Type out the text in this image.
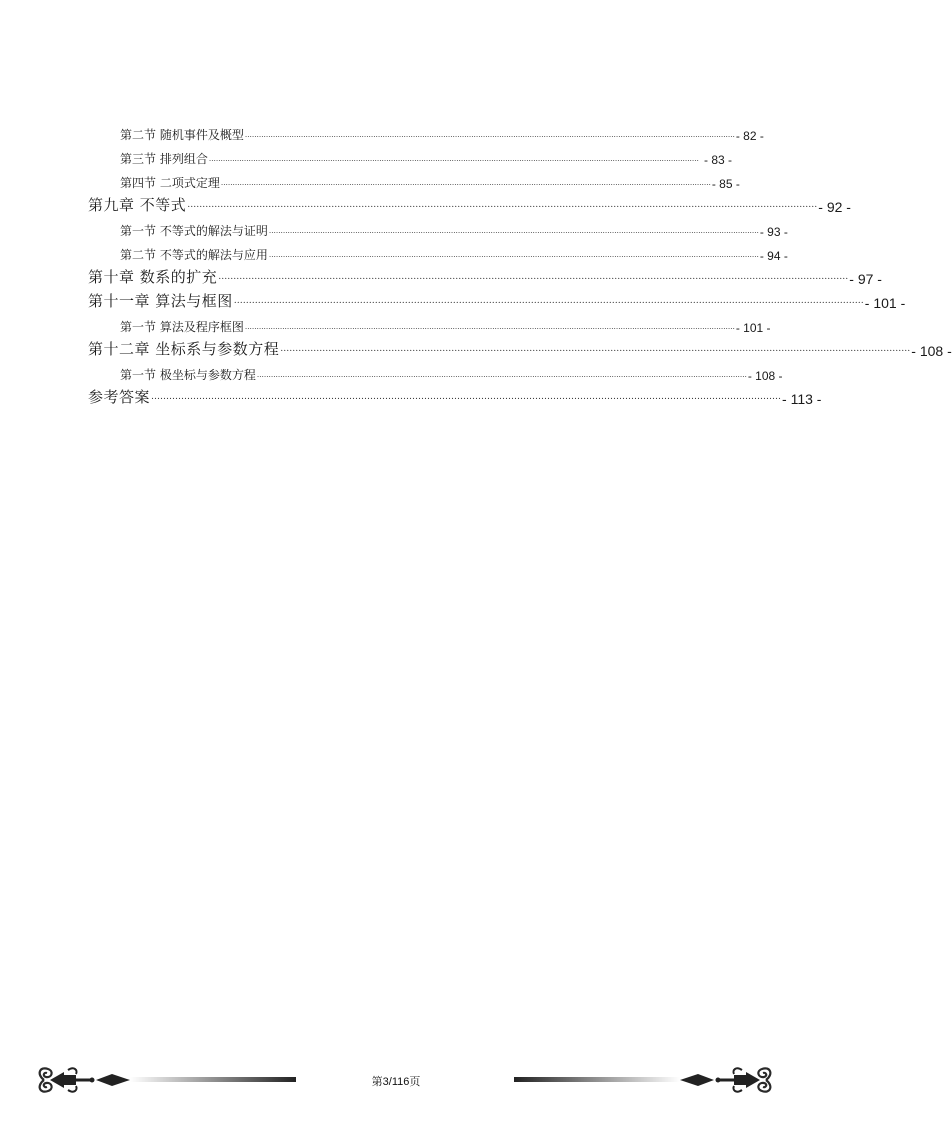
第二节 随机事件及概型 ………………………………………………………………………………………………………………………………………………………………………………………… - 82 -
第三节 排列组合 ………………………………………………………………………………………………………………………………………………………………………………………… - 83 -
第四节 二项式定理 ………………………………………………………………………………………………………………………………………………………………………………………… - 85 -
第九章 不等式 ………………………………………………………………………………………………………………………………………………………………………………………… - 92 -
第一节 不等式的解法与证明 ………………………………………………………………………………………………………………………………………………………………………………………… - 93 -
第二节 不等式的解法与应用 ………………………………………………………………………………………………………………………………………………………………………………………… - 94 -
第十章 数系的扩充 ………………………………………………………………………………………………………………………………………………………………………………………… - 97 -
第十一章 算法与框图 ………………………………………………………………………………………………………………………………………………………………………………………… - 101 -
第一节 算法及程序框图 ………………………………………………………………………………………………………………………………………………………………………………………… - 101 -
第十二章 坐标系与参数方程 ………………………………………………………………………………………………………………………………………………………………………………………… - 108 -
第一节 极坐标与参数方程 ………………………………………………………………………………………………………………………………………………………………………………………… - 108 -
参考答案 ………………………………………………………………………………………………………………………………………………………………………………………… - 113 -
第3/116页
